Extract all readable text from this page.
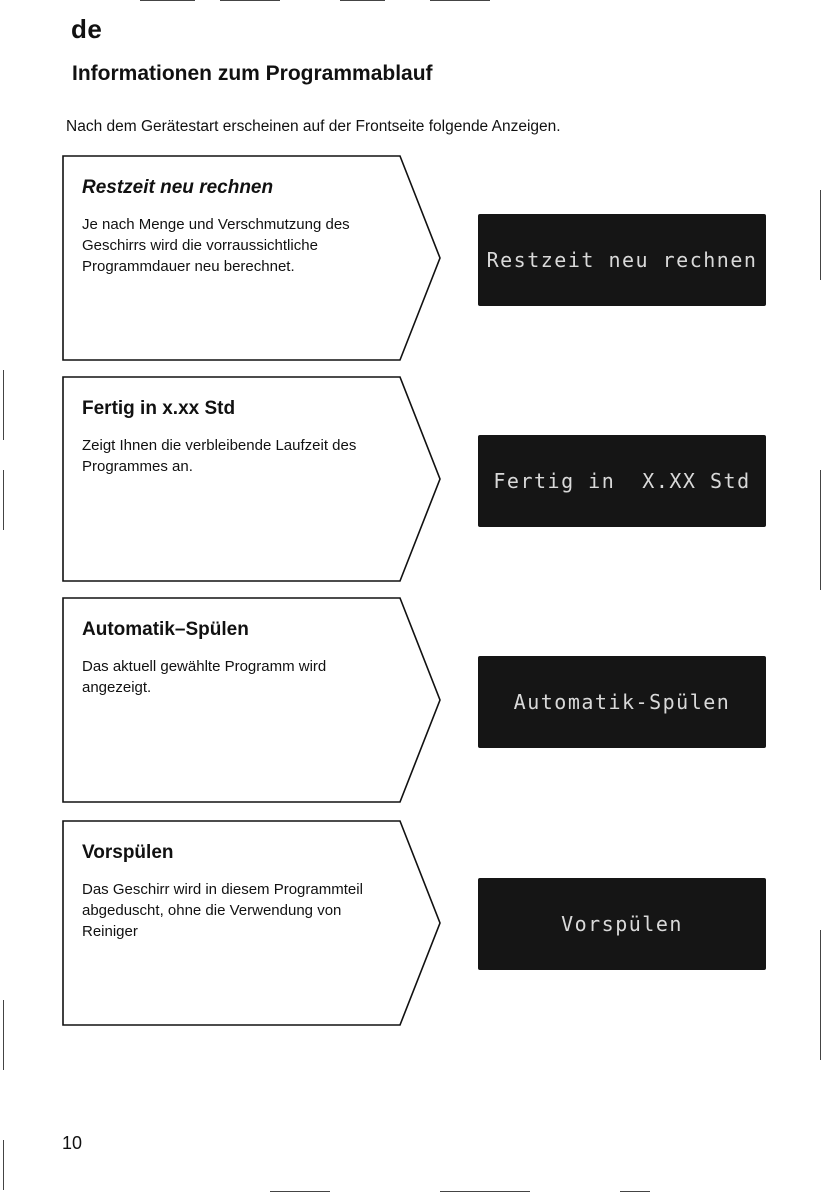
de
Informationen zum Programmablauf
Nach dem Gerätestart erscheinen auf der Frontseite folgende Anzeigen.
Restzeit neu rechnen
Je nach Menge und Verschmutzung des Geschirrs wird die vorraussichtliche Programmdauer neu berechnet.	Restzeit neu rechnen
Fertig in x.xx Std
Zeigt Ihnen die verbleibende Laufzeit des Programmes an.
Fertig in  X.XX Std
Automatik–Spülen
Das aktuell gewählte Programm wird angezeigt.
Automatik-Spülen
Vorspülen
Das Geschirr wird in diesem Programmteil abgeduscht, ohne die Verwendung von Reiniger	Vorspülen
10
